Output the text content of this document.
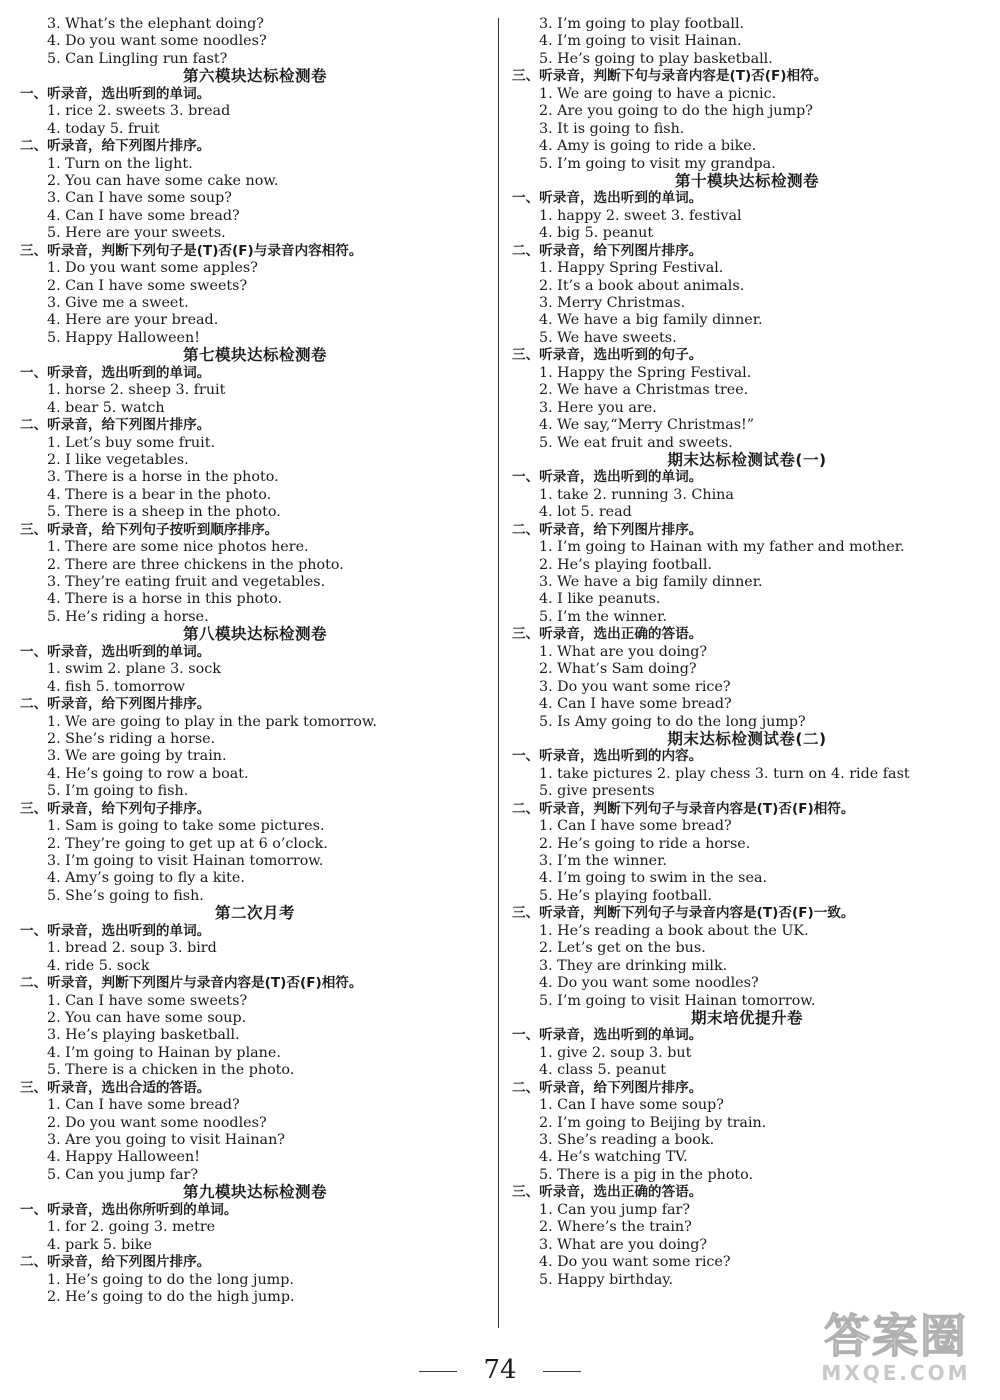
3. What’s the elephant doing?
4. Do you want some noodles?
5. Can Lingling run fast?
第六模块达标检测卷
一、听录音，选出听到的单词。
1. rice 2. sweets 3. bread
4. today 5. fruit
二、听录音，给下列图片排序。
1. Turn on the light.
2. You can have some cake now.
3. Can I have some soup?
4. Can I have some bread?
5. Here are your sweets.
三、听录音，判断下列句子是(T)否(F)与录音内容相符。
1. Do you want some apples?
2. Can I have some sweets?
3. Give me a sweet.
4. Here are your bread.
5. Happy Halloween!
第七模块达标检测卷
一、听录音，选出听到的单词。
1. horse 2. sheep 3. fruit
4. bear 5. watch
二、听录音，给下列图片排序。
1. Let’s buy some fruit.
2. I like vegetables.
3. There is a horse in the photo.
4. There is a bear in the photo.
5. There is a sheep in the photo.
三、听录音，给下列句子按听到顺序排序。
1. There are some nice photos here.
2. There are three chickens in the photo.
3. They’re eating fruit and vegetables.
4. There is a horse in this photo.
5. He’s riding a horse.
第八模块达标检测卷
一、听录音，选出听到的单词。
1. swim 2. plane 3. sock
4. fish 5. tomorrow
二、听录音，给下列图片排序。
1. We are going to play in the park tomorrow.
2. She’s riding a horse.
3. We are going by train.
4. He’s going to row a boat.
5. I’m going to fish.
三、听录音，给下列句子排序。
1. Sam is going to take some pictures.
2. They’re going to get up at 6 o’clock.
3. I’m going to visit Hainan tomorrow.
4. Amy’s going to fly a kite.
5. She’s going to fish.
第二次月考
一、听录音，选出听到的单词。
1. bread 2. soup 3. bird
4. ride 5. sock
二、听录音，判断下列图片与录音内容是(T)否(F)相符。
1. Can I have some sweets?
2. You can have some soup.
3. He’s playing basketball.
4. I’m going to Hainan by plane.
5. There is a chicken in the photo.
三、听录音，选出合适的答语。
1. Can I have some bread?
2. Do you want some noodles?
3. Are you going to visit Hainan?
4. Happy Halloween!
5. Can you jump far?
第九模块达标检测卷
一、听录音，选出你所听到的单词。
1. for 2. going 3. metre
4. park 5. bike
二、听录音，给下列图片排序。
1. He’s going to do the long jump.
2. He’s going to do the high jump.
3. I’m going to play football.
4. I’m going to visit Hainan.
5. He’s going to play basketball.
三、听录音，判断下句与录音内容是(T)否(F)相符。
1. We are going to have a picnic.
2. Are you going to do the high jump?
3. It is going to fish.
4. Amy is going to ride a bike.
5. I’m going to visit my grandpa.
第十模块达标检测卷
一、听录音，选出听到的单词。
1. happy 2. sweet 3. festival
4. big 5. peanut
二、听录音，给下列图片排序。
1. Happy Spring Festival.
2. It’s a book about animals.
3. Merry Christmas.
4. We have a big family dinner.
5. We have sweets.
三、听录音，选出听到的句子。
1. Happy the Spring Festival.
2. We have a Christmas tree.
3. Here you are.
4. We say,“Merry Christmas!”
5. We eat fruit and sweets.
期末达标检测试卷(一)
一、听录音，选出听到的单词。
1. take 2. running 3. China
4. lot 5. read
二、听录音，给下列图片排序。
1. I’m going to Hainan with my father and mother.
2. He’s playing football.
3. We have a big family dinner.
4. I like peanuts.
5. I’m the winner.
三、听录音，选出正确的答语。
1. What are you doing?
2. What’s Sam doing?
3. Do you want some rice?
4. Can I have some bread?
5. Is Amy going to do the long jump?
期末达标检测试卷(二)
一、听录音，选出听到的内容。
1. take pictures 2. play chess 3. turn on 4. ride fast
5. give presents
二、听录音，判断下列句子与录音内容是(T)否(F)相符。
1. Can I have some bread?
2. He’s going to ride a horse.
3. I’m the winner.
4. I’m going to swim in the sea.
5. He’s playing football.
三、听录音，判断下列句子与录音内容是(T)否(F)一致。
1. He’s reading a book about the UK.
2. Let’s get on the bus.
3. They are drinking milk.
4. Do you want some noodles?
5. I’m going to visit Hainan tomorrow.
期末培优提升卷
一、听录音，选出听到的单词。
1. give 2. soup 3. but
4. class 5. peanut
二、听录音，给下列图片排序。
1. Can I have some soup?
2. I’m going to Beijing by train.
3. She’s reading a book.
4. He’s watching TV.
5. There is a pig in the photo.
三、听录音，选出正确的答语。
1. Can you jump far?
2. Where’s the train?
3. What are you doing?
4. Do you want some rice?
5. Happy birthday.
74
答案圈
MXQE.COM
